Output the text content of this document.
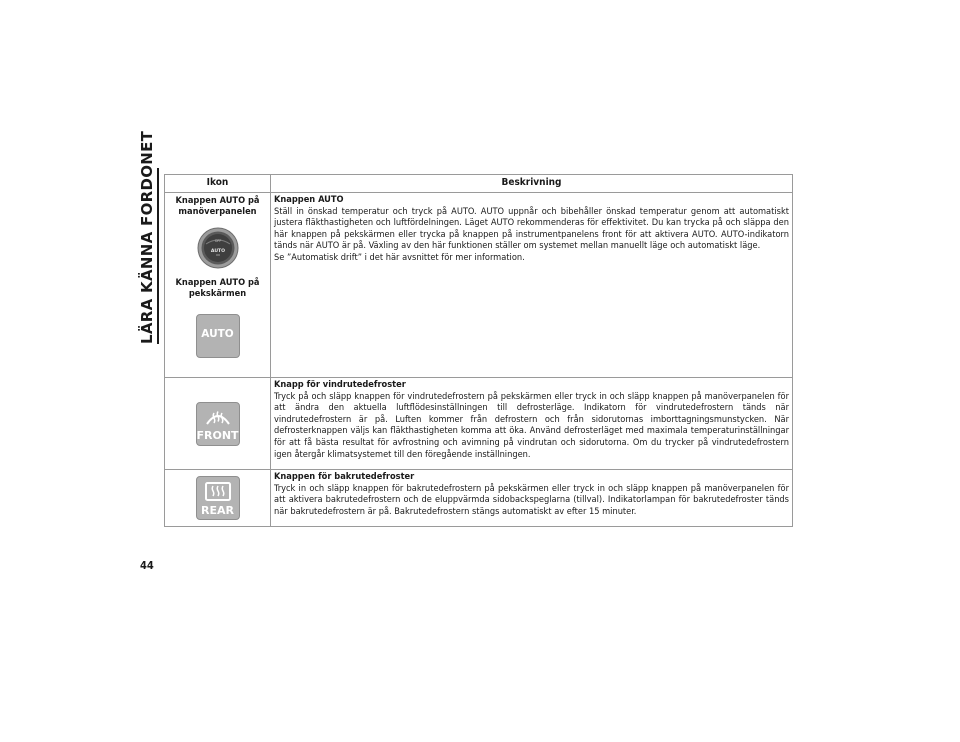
LÄRA KÄNNA FORDONET	Ikon	Beskrivning
Knappen AUTO på manöverpanelen
OFF
AUTO
Knappen AUTO på pekskärmen
AUTO
Knappen AUTO
Ställ in önskad temperatur och tryck på AUTO. AUTO uppnår och bibehåller önskad temperatur genom att automatiskt justera fläkthastigheten och luftfördelningen. Läget AUTO rekommenderas för effektivitet. Du kan trycka på och släppa den här knappen på pekskärmen eller trycka på knappen på instrumentpanelens front för att aktivera AUTO. AUTO-indikatorn tänds när AUTO är på. Växling av den här funktionen ställer om systemet mellan manuellt läge och automatiskt läge.
Se ”Automatisk drift” i det här avsnittet för mer information.
FRONT
Knapp för vindrutedefroster
Tryck på och släpp knappen för vindrutedefrostern på pekskärmen eller tryck in och släpp knappen på manöverpanelen för att ändra den aktuella luftflödesinställningen till defrosterläge. Indikatorn för vindrutedefrostern tänds när vindrutedefrostern är på. Luften kommer från defrostern och från sidorutornas imborttagningsmunstycken. När defrosterknappen väljs kan fläkthastigheten komma att öka. Använd defrosterläget med maximala temperaturinställningar för att få bästa resultat för avfrostning och avimning på vindrutan och sidorutorna. Om du trycker på vindrutedefrostern igen återgår klimatsystemet till den föregående inställningen.
REAR
Knappen för bakrutedefroster
Tryck in och släpp knappen för bakrutedefrostern på pekskärmen eller tryck in och släpp knappen på manöverpanelen för att aktivera bakrutedefrostern och de eluppvärmda sidobackspeglarna (tillval). Indikatorlampan för bakrutedefroster tänds när bakrutedefrostern är på. Bakrutedefrostern stängs automatiskt av efter 15 minuter.
44
